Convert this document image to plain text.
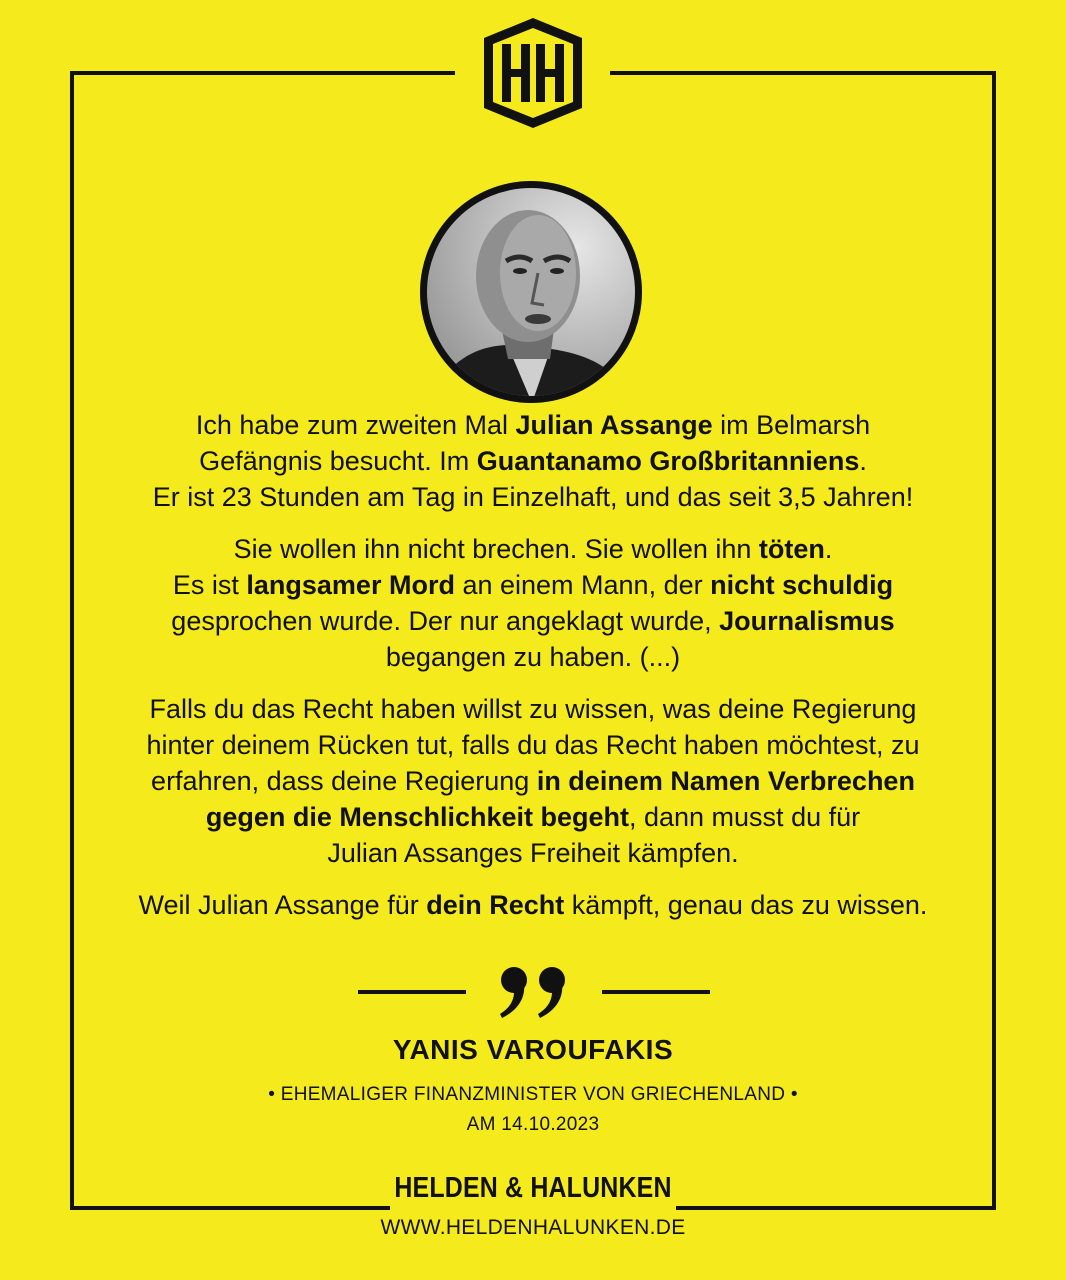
Ich habe zum zweiten Mal Julian Assange im Belmarsh
Gefängnis besucht. Im Guantanamo Großbritanniens.
Er ist 23 Stunden am Tag in Einzelhaft, und das seit 3,5 Jahren!

Sie wollen ihn nicht brechen. Sie wollen ihn töten.
Es ist langsamer Mord an einem Mann, der nicht schuldig
gesprochen wurde. Der nur angeklagt wurde, Journalismus
begangen zu haben. (...)

Falls du das Recht haben willst zu wissen, was deine Regierung
hinter deinem Rücken tut, falls du das Recht haben möchtest, zu
erfahren, dass deine Regierung in deinem Namen Verbrechen
gegen die Menschlichkeit begeht, dann musst du für
Julian Assanges Freiheit kämpfen.

Weil Julian Assange für dein Recht kämpft, genau das zu wissen.

YANIS VAROUFAKIS
• EHEMALIGER FINANZMINISTER VON GRIECHENLAND •
AM 14.10.2023
HELDEN & HALUNKEN
WWW.HELDENHALUNKEN.DE
